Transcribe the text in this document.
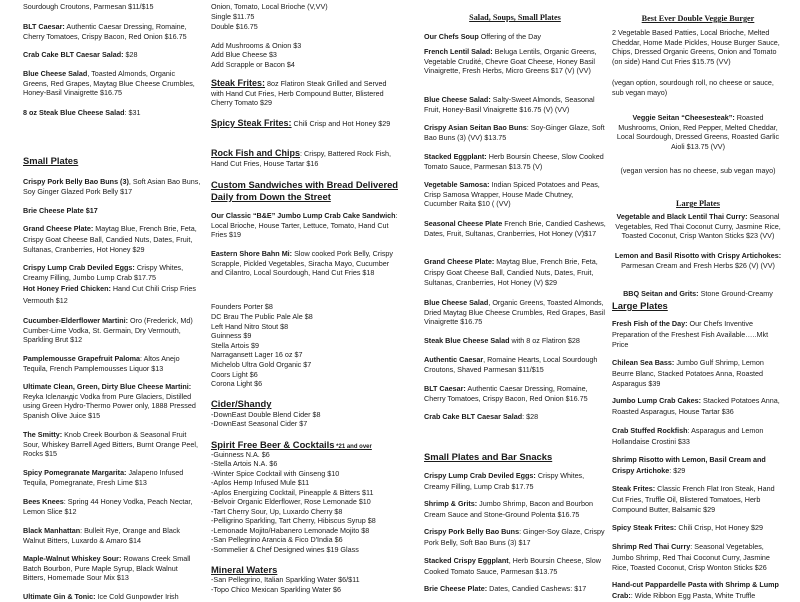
Sourdough Croutons, Parmesan $11/$15
BLT Caesar: Authentic Caesar Dressing, Romaine, Cherry Tomatoes, Crispy Bacon, Red Onion $16.75
Crab Cake BLT Caesar Salad: $28
Blue Cheese Salad, Toasted Almonds, Organic Greens, Red Grapes, Maytag Blue Cheese Crumbles, Honey-Basil Vinaigrette $16.75
8 oz Steak Blue Cheese Salad: $31
Small Plates
Crispy Pork Belly Bao Buns (3), Soft Asian Bao Buns, Soy Ginger Glazed Pork Belly $17
Brie Cheese Plate $17
Grand Cheese Plate: Maytag Blue, French Brie, Feta, Crispy Goat Cheese Ball, Candied Nuts, Dates, Fruit, Sultanas, Cranberries, Hot Honey $29
Crispy Lump Crab Deviled Eggs: Crispy Whites, Creamy Filling, Jumbo Lump Crab $17.75
Vermouth $12
Hot Honey Fried Chicken: Hand Cut Chili Crisp Fries
Cucumber-Elderflower Martini: Oro (Frederick, Md) Cumber-Lime Vodka, St. Germain, Dry Vermouth, Sparkling Brut $12
Pamplemousse Grapefruit Paloma: Altos Anejo Tequila, French Pamplemousses Liquor $13
Ultimate Clean, Green, Dirty Blue Cheese Martini: Reyka Icleландic Vodka from Pure Glaciers, Distilled using Green Hydro-Thermo Power only, 1888 Pressed Spanish Olive Juice $15
The Smitty: Knob Creek Bourbon & Seasonal Fruit Sour, Whiskey Barrell Aged Bitters, Burnt Orange Peel, Rocks $15
Spicy Pomegranate Margarita: Jalapeno Infused Tequila, Pomegranate, Fresh Lime $13
Bees Knees: Spring 44 Honey Vodka, Peach Nectar, Lemon Slice $12
Black Manhattan: Bulleit Rye, Orange and Black Walnut Bitters, Luxardo & Amaro $14
Maple-Walnut Whiskey Sour: Rowans Creek Small Batch Bourbon, Pure Maple Syrup, Black Walnut Bitters, Homemade Sour Mix $13
Ultimate Gin & Tonic: Ice Cold Gunpowder Irish
Onion, Tomato, Local Brioche (V,VV)
Single $11.75
Double $16.75
Add Mushrooms & Onion $3
Add Blue Cheese $3
Add Scrapple or Bacon $4
Steak Frites: 8oz Flatiron Steak Grilled and Served with Hand Cut Fries, Herb Compound Butter, Blistered Cherry Tomato $29
Spicy Steak Frites: Chili Crisp and Hot Honey $29
Rock Fish and Chips: Crispy, Battered Rock Fish, Hand Cut Fries, House Tartar $16
Custom Sandwiches with Bread Delivered Daily from Down the Street
Our Classic “B&E” Jumbo Lump Crab Cake Sandwich: Local Brioche, House Tarter, Lettuce, Tomato, Hand Cut Fries $19
Eastern Shore Bahn Mi: Slow cooked Pork Belly, Crispy Scrapple, Pickled Vegetables, Siracha Mayo, Cucumber and Cilantro, Local Sourdough, Hand Cut Fries $18
Founders Porter $8
DC Brau The Public Pale Ale $8
Left Hand Nitro Stout $8
Guinness $9
Stella Artois $9
Narragansett Lager 16 oz $7
Michelob Ultra Gold Organic $7
Coors Light $6
Corona Light $6
Cider/Shandy
-DownEast Double Blend Cider $8
-DownEast Seasonal Cider $7
Spirit Free Beer & Cocktails *21 and over
-Guinness N.A. $6
-Stella Artois N.A. $6
-Winter Spice Cocktail with Ginseng $10
-Aplos Hemp Infused Mule $11
-Aplos Energizing Cocktail, Pineapple & Bitters $11
-Belvoir Organic Elderflower, Rose Lemonade $10
-Tart Cherry Sour, Up, Luxardo Cherry $8
-Pelligrino Sparkling, Tart Cherry, Hibiscus Syrup $8
-Lemonade Mojito/Habanero Lemonade Mojito $8
-San Pellegrino Arancia & Fico D'India $6
-Sommelier & Chef Designed wines $19 Glass
Mineral Waters
-San Pellegrino, Italian Sparkling Water $6/$11
-Topo Chico Mexican Sparkling Water $6
Salad, Soups, Small Plates
Our Chefs Soup Offering of the Day
French Lentil Salad: Beluga Lentils, Organic Greens, Vegetable Crudité, Chevre Goat Cheese, Honey Basil Vinaigrette, Fresh Herbs, Micro Greens $17 (V) (VV)
Blue Cheese Salad: Salty-Sweet Almonds, Seasonal Fruit, Honey-Basil Vinaigrette $16.75 (V) (VV)
Crispy Asian Seitan Bao Buns: Soy-Ginger Glaze, Soft Bao Buns (3) (VV) $13.75
Stacked Eggplant: Herb Boursin Cheese, Slow Cooked Tomato Sauce, Parmesan $13.75 (V)
Vegetable Samosa: Indian Spiced Potatoes and Peas, Crisp Samosa Wrapper, House Made Chutney, Cucumber Raita $10 ( (VV)
Seasonal Cheese Plate French Brie, Candied Cashews, Dates, Fruit, Sultanas, Cranberries, Hot Honey (V)$17
Grand Cheese Plate: Maytag Blue, French Brie, Feta, Crispy Goat Cheese Ball, Candied Nuts, Dates, Fruit, Sultanas, Cranberries, Hot Honey (V) $29
Blue Cheese Salad, Organic Greens, Toasted Almonds, Dried Maytag Blue Cheese Crumbles, Red Grapes, Basil Vinaigrette $16.75
Steak Blue Cheese Salad with 8 oz Flatiron $28
Authentic Caesar, Romaine Hearts, Local Sourdough Croutons, Shaved Parmesan $11/$15
BLT Caesar: Authentic Caesar Dressing, Romaine, Cherry Tomatoes, Crispy Bacon, Red Onion $16.75
Crab Cake BLT Caesar Salad: $28
Small Plates and Bar Snacks
Crispy Lump Crab Deviled Eggs: Crispy Whites, Creamy Filling, Lump Crab $17.75
Shrimp & Grits: Jumbo Shrimp, Bacon and Bourbon Cream Sauce and Stone-Ground Polenta $16.75
Crispy Pork Belly Bao Buns: Ginger-Soy Glaze, Crispy Pork Belly, Soft Bao Buns (3) $17
Stacked Crispy Eggplant, Herb Boursin Cheese, Slow Cooked Tomato Sauce, Parmesan $13.75
Brie Cheese Plate: Dates, Candied Cashews: $17
Best Ever Double Veggie Burger
2 Vegetable Based Patties, Local Brioche, Melted Cheddar, Home Made Pickles, House Burger Sauce, Chips, Dressed Organic Greens, Onion and Tomato (on side) Hand Cut Fries $15.75 (VV)
(vegan option, sourdough roll, no cheese or sauce, sub vegan mayo)
Veggie Seitan “Cheesesteak”: Roasted Mushrooms, Onion, Red Pepper, Melted Cheddar, Local Sourdough, Dressed Greens, Roasted Garlic Aioli $13.75 (VV)
(vegan version has no cheese, sub vegan mayo)
Large Plates
Vegetable and Black Lentil Thai Curry: Seasonal Vegetables, Red Thai Coconut Curry, Jasmine Rice, Toasted Coconut, Crisp Wanton Sticks $23 (VV)
Lemon and Basil Risotto with Crispy Artichokes: Parmesan Cream and Fresh Herbs $26 (V) (VV)
BBQ Seitan and Grits: Stone Ground-Creamy
Large Plates
Fresh Fish of the Day: Our Chefs Inventive Preparation of the Freshest Fish Available…..Mkt Price
Chilean Sea Bass: Jumbo Gulf Shrimp, Lemon Beurre Blanc, Stacked Potatoes Anna, Roasted Asparagus $39
Jumbo Lump Crab Cakes: Stacked Potatoes Anna, Roasted Asparagus, House Tartar $36
Crab Stuffed Rockfish: Asparagus and Lemon Hollandaise Crostini $33
Shrimp Risotto with Lemon, Basil Cream and Crispy Artichoke: $29
Steak Frites: Classic French Flat Iron Steak, Hand Cut Fries, Truffle Oil, Blistered Tomatoes, Herb Compound Butter, Balsamic $29
Spicy Steak Frites: Chili Crisp, Hot Honey $29
Shrimp Red Thai Curry: Seasonal Vegetables, Jumbo Shrimp, Red Thai Coconut Curry, Jasmine Rice, Toasted Coconut, Crisp Wonton Sticks $26
Hand-cut Pappardelle Pasta with Shrimp & Lump Crab:: Wide Ribbon Egg Pasta, White Truffle
